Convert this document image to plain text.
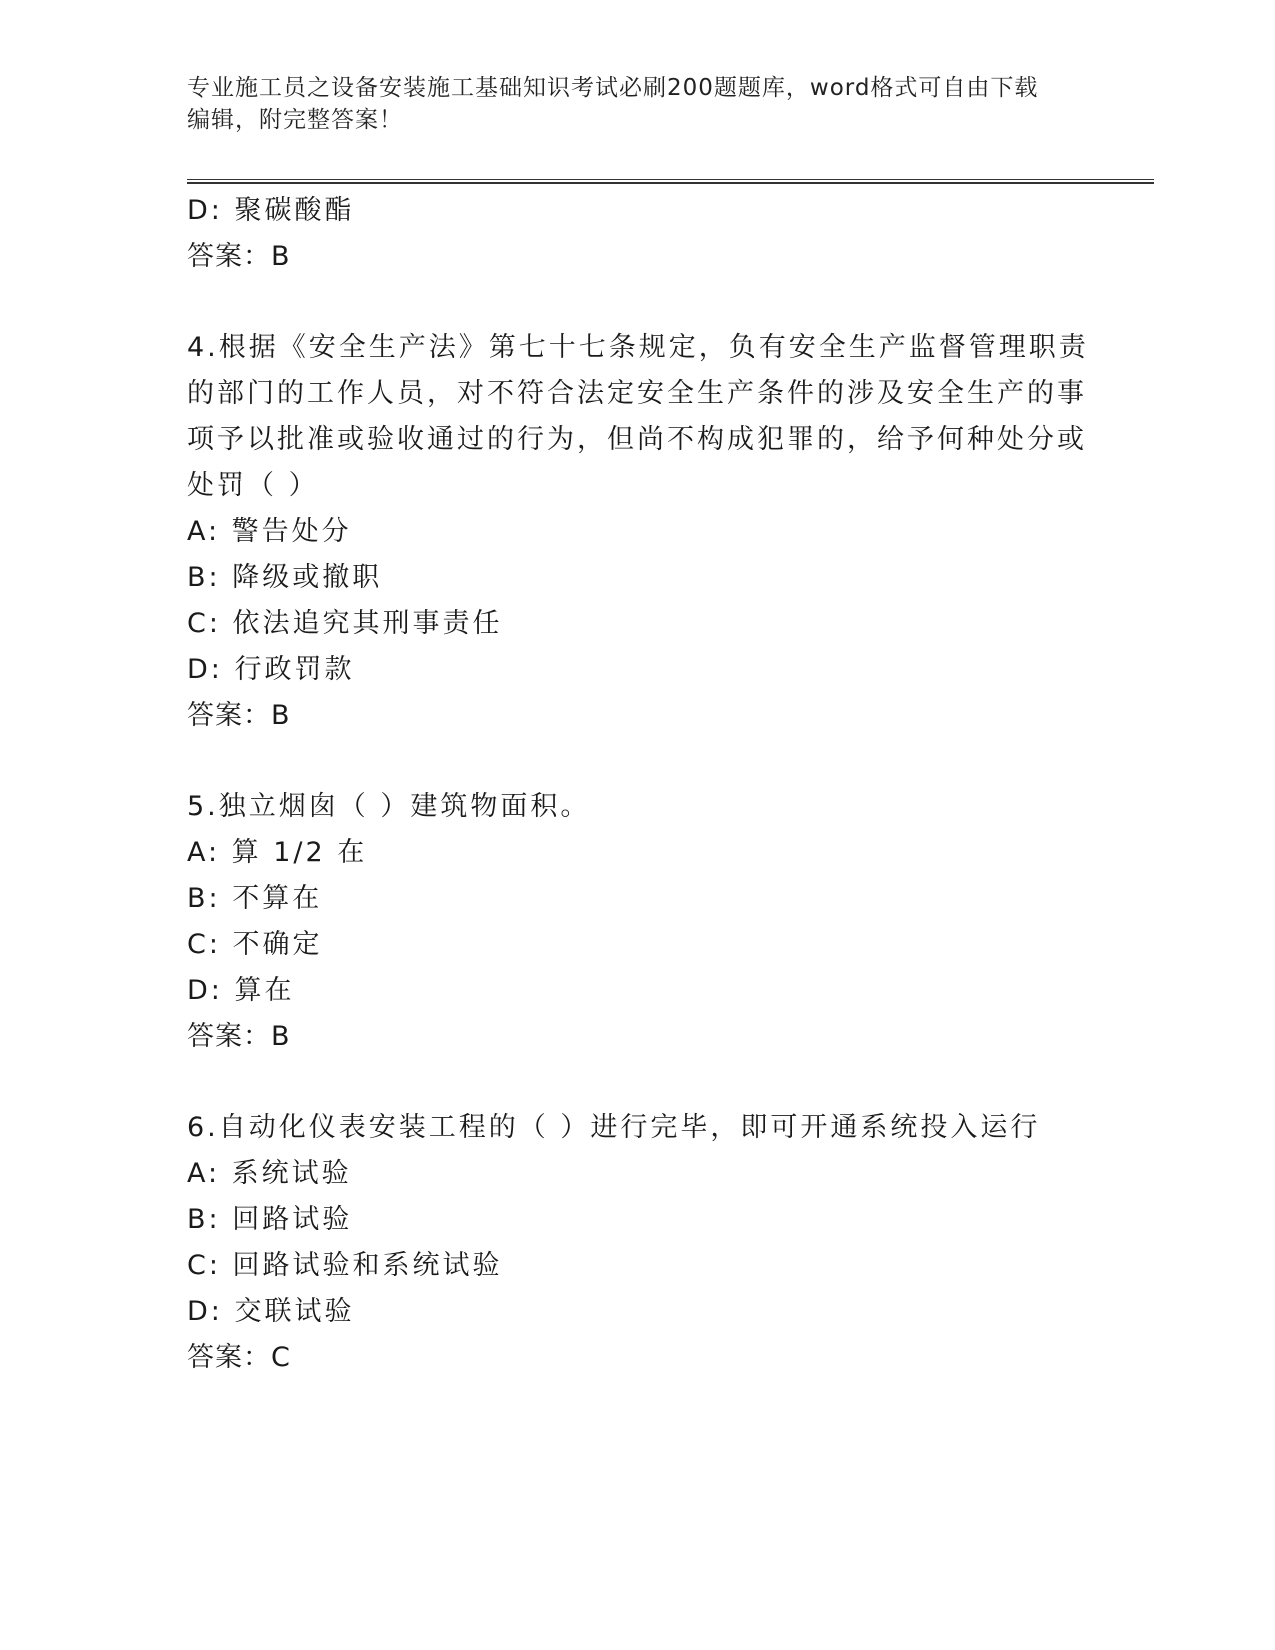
专业施工员之设备安装施工基础知识考试必刷200题题库，word格式可自由下载
编辑，附完整答案！
D: 聚碳酸酯
答案：B
4.根据《安全生产法》第七十七条规定，负有安全生产监督管理职责
的部门的工作人员，对不符合法定安全生产条件的涉及安全生产的事
项予以批准或验收通过的行为，但尚不构成犯罪的，给予何种处分或
处罚（ ）
A: 警告处分
B: 降级或撤职
C: 依法追究其刑事责任
D: 行政罚款
答案：B
5.独立烟囱（ ）建筑物面积。
A: 算 1/2 在
B: 不算在
C: 不确定
D: 算在
答案：B
6.自动化仪表安装工程的（ ）进行完毕，即可开通系统投入运行
A: 系统试验
B: 回路试验
C: 回路试验和系统试验
D: 交联试验
答案：C
